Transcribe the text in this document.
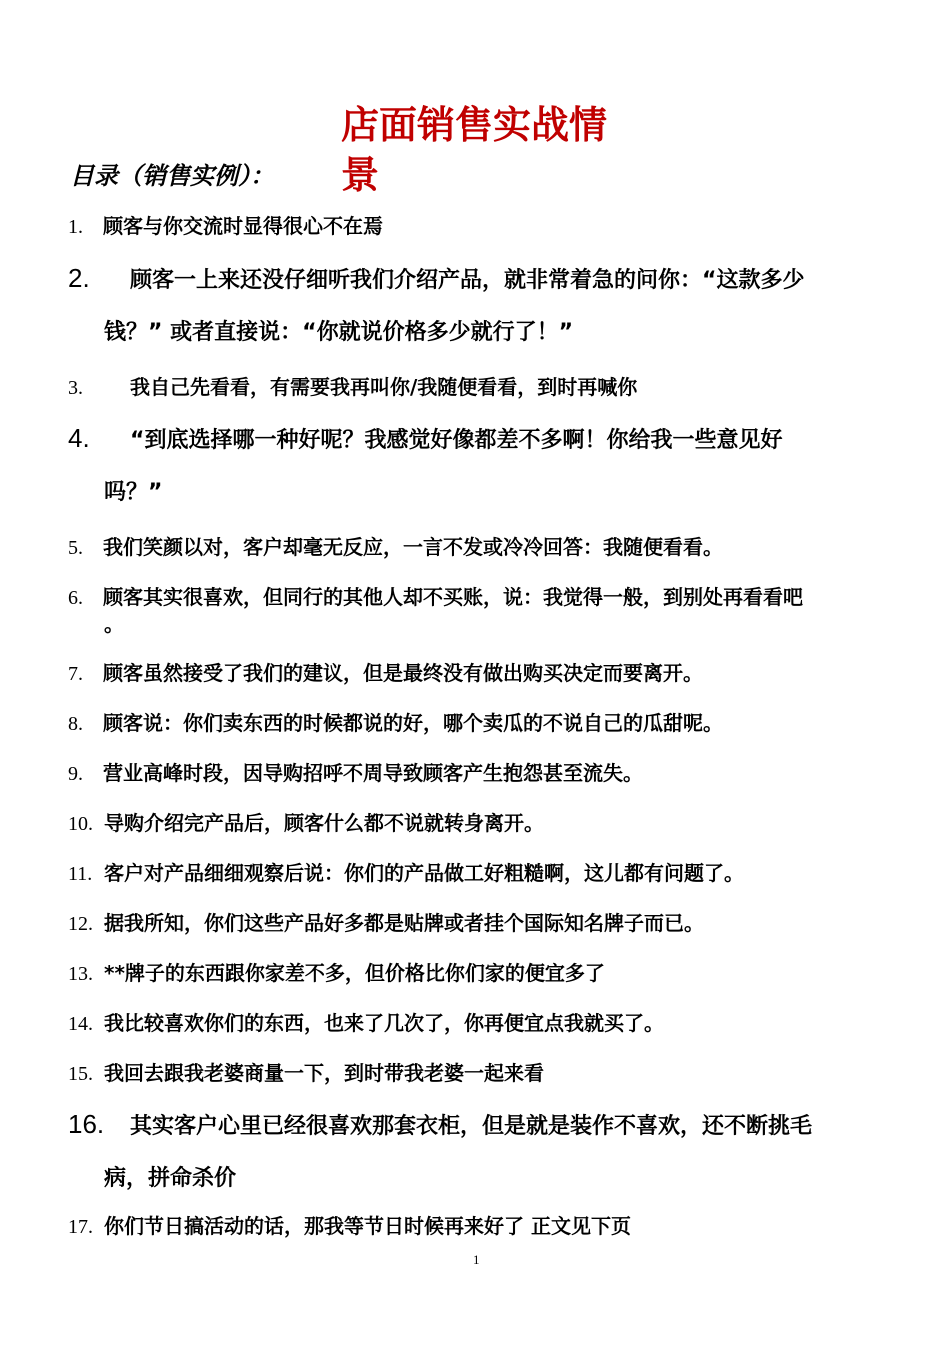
店面销售实战情景
目录（销售实例）：
1. 顾客与你交流时显得很心不在焉
2. 顾客一上来还没仔细听我们介绍产品，就非常着急的问你：“这款多少
钱？” 或者直接说：“你就说价格多少就行了！”
3. 我自己先看看，有需要我再叫你/我随便看看，到时再喊你
4. “到底选择哪一种好呢？我感觉好像都差不多啊！你给我一些意见好
吗？”
5. 我们笑颜以对，客户却毫无反应，一言不发或冷冷回答：我随便看看。
6. 顾客其实很喜欢，但同行的其他人却不买账，说：我觉得一般，到别处再看看吧
。
7. 顾客虽然接受了我们的建议，但是最终没有做出购买决定而要离开。
8. 顾客说：你们卖东西的时候都说的好，哪个卖瓜的不说自己的瓜甜呢。
9. 营业高峰时段，因导购招呼不周导致顾客产生抱怨甚至流失。
10. 导购介绍完产品后，顾客什么都不说就转身离开。
11. 客户对产品细细观察后说：你们的产品做工好粗糙啊，这儿都有问题了。
12. 据我所知，你们这些产品好多都是贴牌或者挂个国际知名牌子而已。
13. **牌子的东西跟你家差不多，但价格比你们家的便宜多了
14. 我比较喜欢你们的东西，也来了几次了，你再便宜点我就买了。
15. 我回去跟我老婆商量一下，到时带我老婆一起来看
16. 其实客户心里已经很喜欢那套衣柜，但是就是装作不喜欢，还不断挑毛
病，拼命杀价
17. 你们节日搞活动的话，那我等节日时候再来好了 正文见下页
1
